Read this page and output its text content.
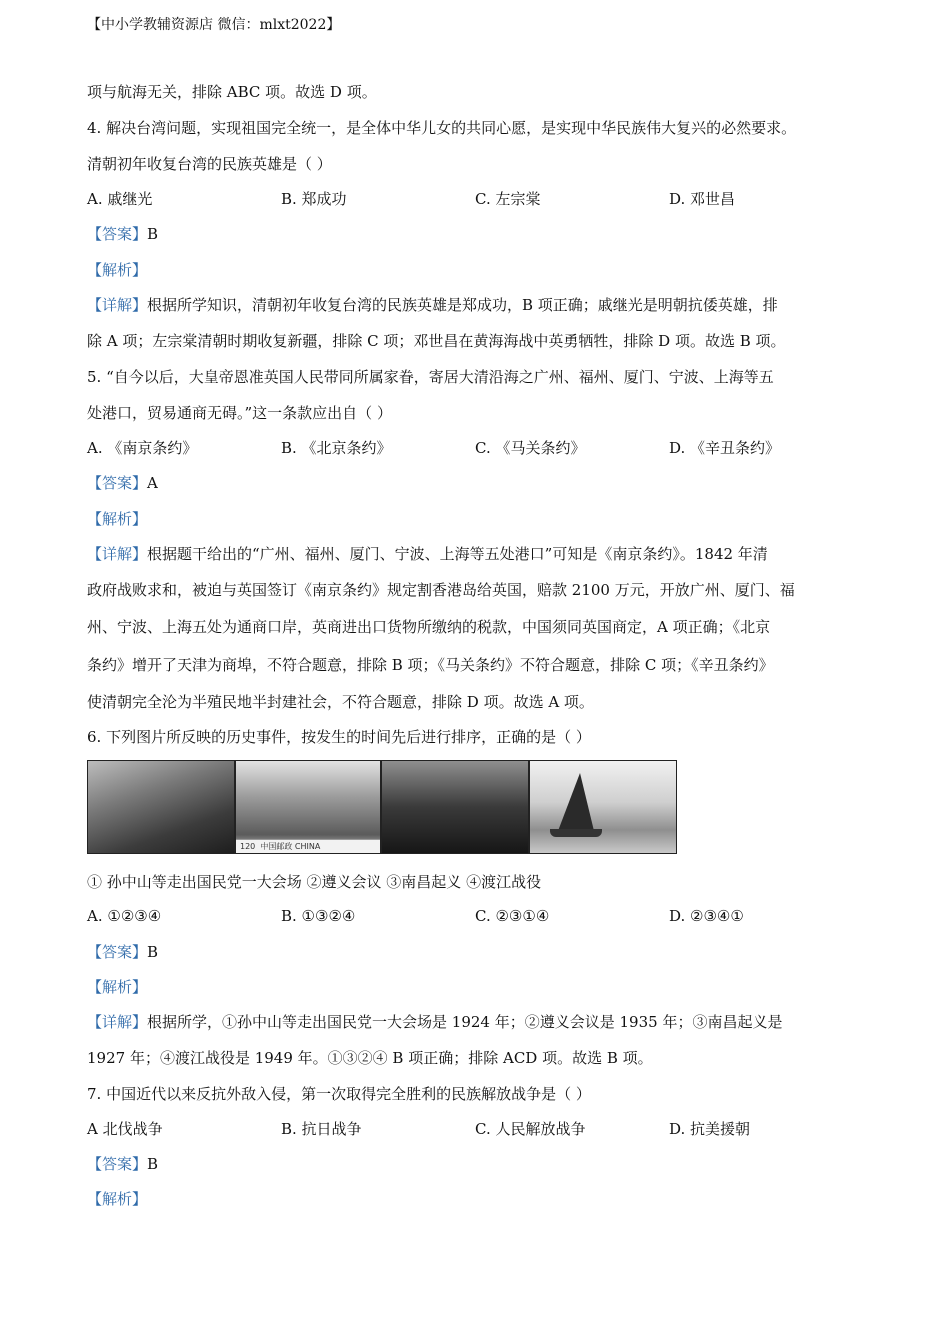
【中小学教辅资源店 微信：mlxt2022】
项与航海无关，排除 ABC 项。故选 D 项。
4. 解决台湾问题，实现祖国完全统一，是全体中华儿女的共同心愿，是实现中华民族伟大复兴的必然要求。
清朝初年收复台湾的民族英雄是（ ）
A. 戚继光	B. 郑成功	C. 左宗棠	D. 邓世昌
【答案】B
【解析】
【详解】根据所学知识，清朝初年收复台湾的民族英雄是郑成功，B 项正确；戚继光是明朝抗倭英雄，排
除 A 项；左宗棠清朝时期收复新疆，排除 C 项；邓世昌在黄海海战中英勇牺牲，排除 D 项。故选 B 项。
5. “自今以后，大皇帝恩准英国人民带同所属家眷，寄居大清沿海之广州、福州、厦门、宁波、上海等五
处港口，贸易通商无碍。”这一条款应出自（ ）
A. 《南京条约》	B. 《北京条约》	C. 《马关条约》	D. 《辛丑条约》
【答案】A
【解析】
【详解】根据题干给出的“广州、福州、厦门、宁波、上海等五处港口”可知是《南京条约》。1842 年清
政府战败求和，被迫与英国签订《南京条约》规定割香港岛给英国，赔款 2100 万元，开放广州、厦门、福
州、宁波、上海五处为通商口岸，英商进出口货物所缴纳的税款，中国须同英国商定，A 项正确；《北京
条约》增开了天津为商埠，不符合题意，排除 B 项；《马关条约》不符合题意，排除 C 项；《辛丑条约》
使清朝完全沦为半殖民地半封建社会，不符合题意，排除 D 项。故选 A 项。
6. 下列图片所反映的历史事件，按发生的时间先后进行排序，正确的是（ ）
120 中国邮政 CHINA
① 孙中山等走出国民党一大会场 ②遵义会议 ③南昌起义 ④渡江战役
A. ①②③④	B. ①③②④	C. ②③①④	D. ②③④①
【答案】B
【解析】
【详解】根据所学，①孙中山等走出国民党一大会场是 1924 年；②遵义会议是 1935 年；③南昌起义是
1927 年；④渡江战役是 1949 年。①③②④ B 项正确；排除 ACD 项。故选 B 项。
7. 中国近代以来反抗外敌入侵，第一次取得完全胜利的民族解放战争是（ ）
A 北伐战争	B. 抗日战争	C. 人民解放战争	D. 抗美援朝
【答案】B
【解析】
